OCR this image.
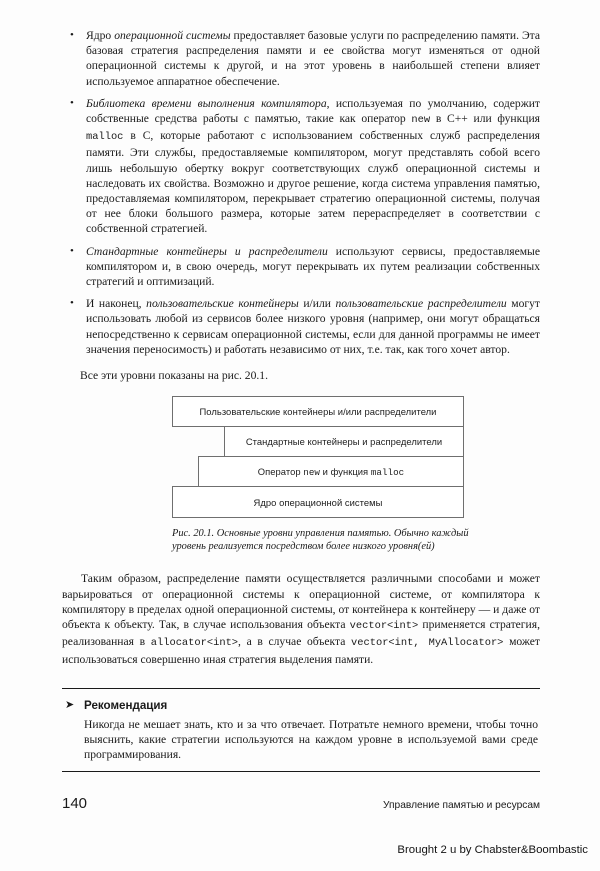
• Ядро операционной системы предоставляет базовые услуги по распределению памяти. Эта базовая стратегия распределения памяти и ее свойства могут изменяться от одной операционной системы к другой, и на этот уровень в наибольшей степени влияет используемое аппаратное обеспечение.
• Библиотека времени выполнения компилятора, используемая по умолчанию, содержит собственные средства работы с памятью, такие как оператор new в C++ или функция malloc в C, которые работают с использованием собственных служб распределения памяти. Эти службы, предоставляемые компилятором, могут представлять собой всего лишь небольшую обертку вокруг соответствующих служб операционной системы и наследовать их свойства. Возможно и другое решение, когда система управления памятью, предоставляемая компилятором, перекрывает стратегию операционной системы, получая от нее блоки большого размера, которые затем перераспределяет в соответствии с собственной стратегией.
• Стандартные контейнеры и распределители используют сервисы, предоставляемые компилятором и, в свою очередь, могут перекрывать их путем реализации собственных стратегий и оптимизаций.
• И наконец, пользовательские контейнеры и/или пользовательские распределители могут использовать любой из сервисов более низкого уровня (например, они могут обращаться непосредственно к сервисам операционной системы, если для данной программы не имеет значения переносимость) и работать независимо от них, т.е. так, как того хочет автор.

Все эти уровни показаны на рис. 20.1.

Пользовательские контейнеры и/или распределители
Стандартные контейнеры и распределители
Оператор new и функция malloc
Ядро операционной системы

Рис. 20.1. Основные уровни управления памятью. Обычно каждый уровень реализуется посредством более низкого уровня(ей)

Таким образом, распределение памяти осуществляется различными способами и может варьироваться от операционной системы к операционной системе, от компилятора к компилятору в пределах одной операционной системы, от контейнера к контейнеру — и даже от объекта к объекту. Так, в случае использования объекта vector<int> применяется стратегия, реализованная в allocator<int>, а в случае объекта vector<int, MyAllocator> может использоваться совершенно иная стратегия выделения памяти.

➤ Рекомендация
Никогда не мешает знать, кто и за что отвечает. Потратьте немного времени, чтобы точно выяснить, какие стратегии используются на каждом уровне в используемой вами среде программирования.
140	Управление памятью и ресурсам
Brought 2 u by Chabster&Boombastic
